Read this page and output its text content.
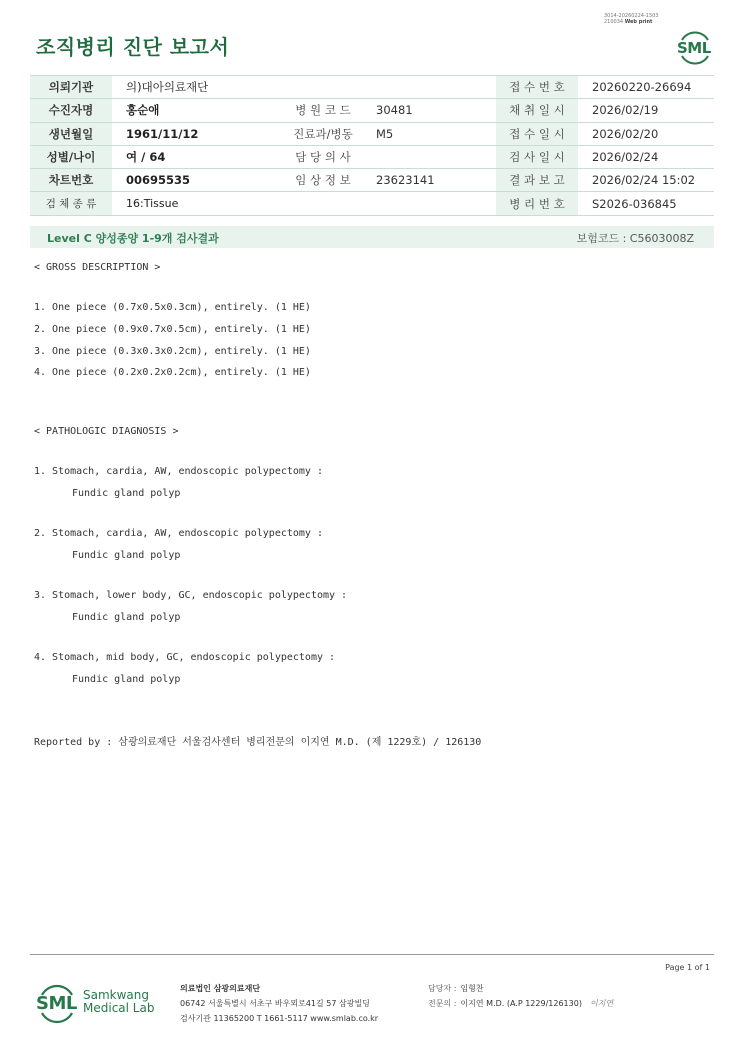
3014-20260224-1503
210034 Web print
조직병리 진단 보고서	SML
의뢰기관	의)대아의료재단			접 수 번 호	20260220-26694
수진자명	홍순애	병 원 코 드	30481	채 취 일 시	2026/02/19
생년월일	1961/11/12	진료과/병동	M5	접 수 일 시	2026/02/20
성별/나이	여 / 64	담 당 의 사		검 사 일 시	2026/02/24
차트번호	00695535	임 상 정 보	23623141	결 과 보 고	2026/02/24 15:02
검 체 종 류	16:Tissue			병 리 번 호	S2026-036845
Level C 양성종양 1-9개 검사결과	보험코드 : C5603008Z
< GROSS DESCRIPTION >
1. One piece (0.7x0.5x0.3cm), entirely. (1 HE)
2. One piece (0.9x0.7x0.5cm), entirely. (1 HE)
3. One piece (0.3x0.3x0.2cm), entirely. (1 HE)
4. One piece (0.2x0.2x0.2cm), entirely. (1 HE)
< PATHOLOGIC DIAGNOSIS >
1. Stomach, cardia, AW, endoscopic polypectomy :
Fundic gland polyp
2. Stomach, cardia, AW, endoscopic polypectomy :
Fundic gland polyp
3. Stomach, lower body, GC, endoscopic polypectomy :
Fundic gland polyp
4. Stomach, mid body, GC, endoscopic polypectomy :
Fundic gland polyp
Reported by : 삼광의료재단 서울검사센터 병리전문의 이지연 M.D. (제 1229호) / 126130
Page 1 of 1
SML Samkwang
Medical Lab
의료법인 삼광의료재단
06742 서울특별시 서초구 바우뫼로41길 57 삼광빌딩
검사기관 11365200 T 1661-5117 www.smlab.co.kr
담당자 : 임형찬
전문의 : 이지연 M.D. (A.P 1229/126130) 이지연
